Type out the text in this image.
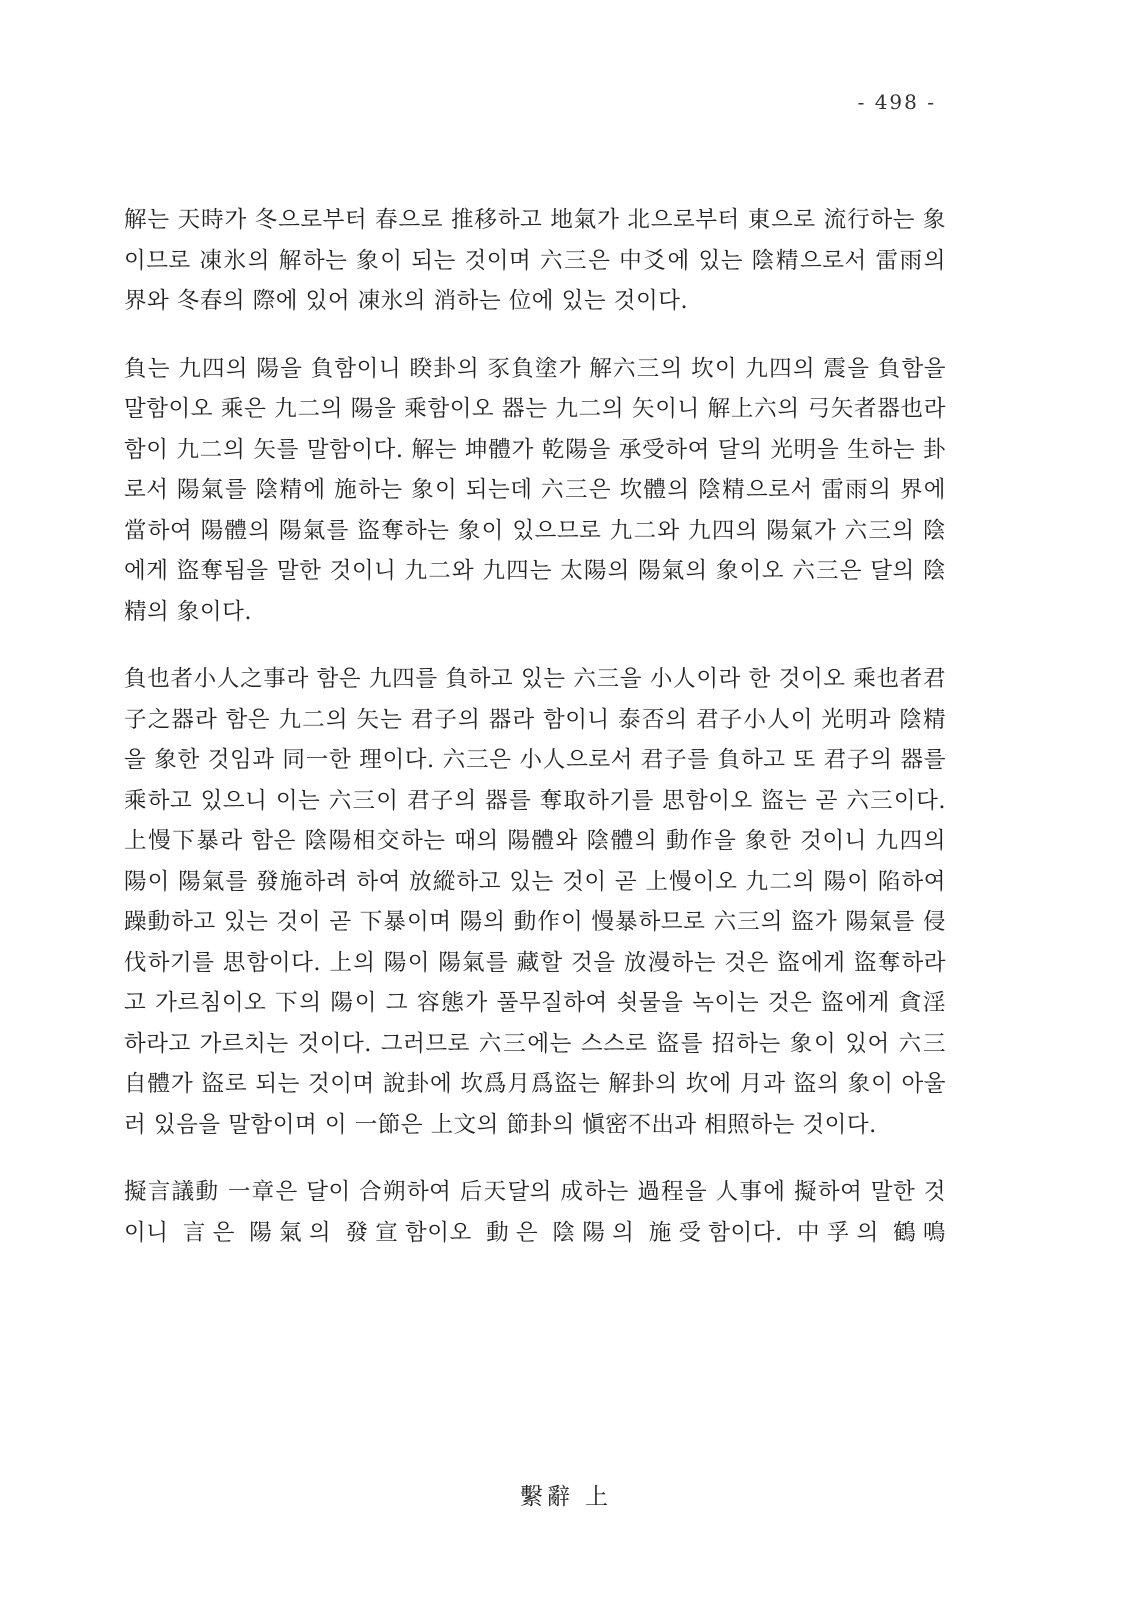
- 498 -

解는 天時가 冬으로부터 春으로 推移하고 地氣가 北으로부터 東으로 流行하는 象이므로 凍氷의 解하는 象이 되는 것이며 六三은 中爻에 있는 陰精으로서 雷雨의 界와 冬春의 際에 있어 凍氷의 消하는 位에 있는 것이다.

負는 九四의 陽을 負함이니 睽卦의 豕負塗가 解六三의 坎이 九四의 震을 負함을 말함이오 乘은 九二의 陽을 乘함이오 器는 九二의 矢이니 解上六의 弓矢者器也라 함이 九二의 矢를 말함이다. 解는 坤體가 乾陽을 承受하여 달의 光明을 生하는 卦로서 陽氣를 陰精에 施하는 象이 되는데 六三은 坎體의 陰精으로서 雷雨의 界에 當하여 陽體의 陽氣를 盜奪하는 象이 있으므로 九二와 九四의 陽氣가 六三의 陰에게 盜奪됨을 말한 것이니 九二와 九四는 太陽의 陽氣의 象이오 六三은 달의 陰精의 象이다.

負也者小人之事라 함은 九四를 負하고 있는 六三을 小人이라 한 것이오 乘也者君子之器라 함은 九二의 矢는 君子의 器라 함이니 泰否의 君子小人이 光明과 陰精을 象한 것임과 同一한 理이다. 六三은 小人으로서 君子를 負하고 또 君子의 器를 乘하고 있으니 이는 六三이 君子의 器를 奪取하기를 思함이오 盜는 곧 六三이다. 上慢下暴라 함은 陰陽相交하는 때의 陽體와 陰體의 動作을 象한 것이니 九四의 陽이 陽氣를 發施하려 하여 放縱하고 있는 것이 곧 上慢이오 九二의 陽이 陷하여 躁動하고 있는 것이 곧 下暴이며 陽의 動作이 慢暴하므로 六三의 盜가 陽氣를 侵伐하기를 思함이다. 上의 陽이 陽氣를 藏할 것을 放漫하는 것은 盜에게 盜奪하라고 가르침이오 下의 陽이 그 容態가 풀무질하여 쇳물을 녹이는 것은 盜에게 貪淫하라고 가르치는 것이다. 그러므로 六三에는 스스로 盜를 招하는 象이 있어 六三自體가 盜로 되는 것이며 說卦에 坎爲月爲盜는 解卦의 坎에 月과 盜의 象이 아울러 있음을 말함이며 이 一節은 上文의 節卦의 愼密不出과 相照하는 것이다.

擬言議動 一章은 달이 合朔하여 后天달의 成하는 過程을 人事에 擬하여 말한 것이니 言은 陽氣의 發宣함이오 動은 陰陽의 施受함이다. 中孚의 鶴鳴

繫辭 上
